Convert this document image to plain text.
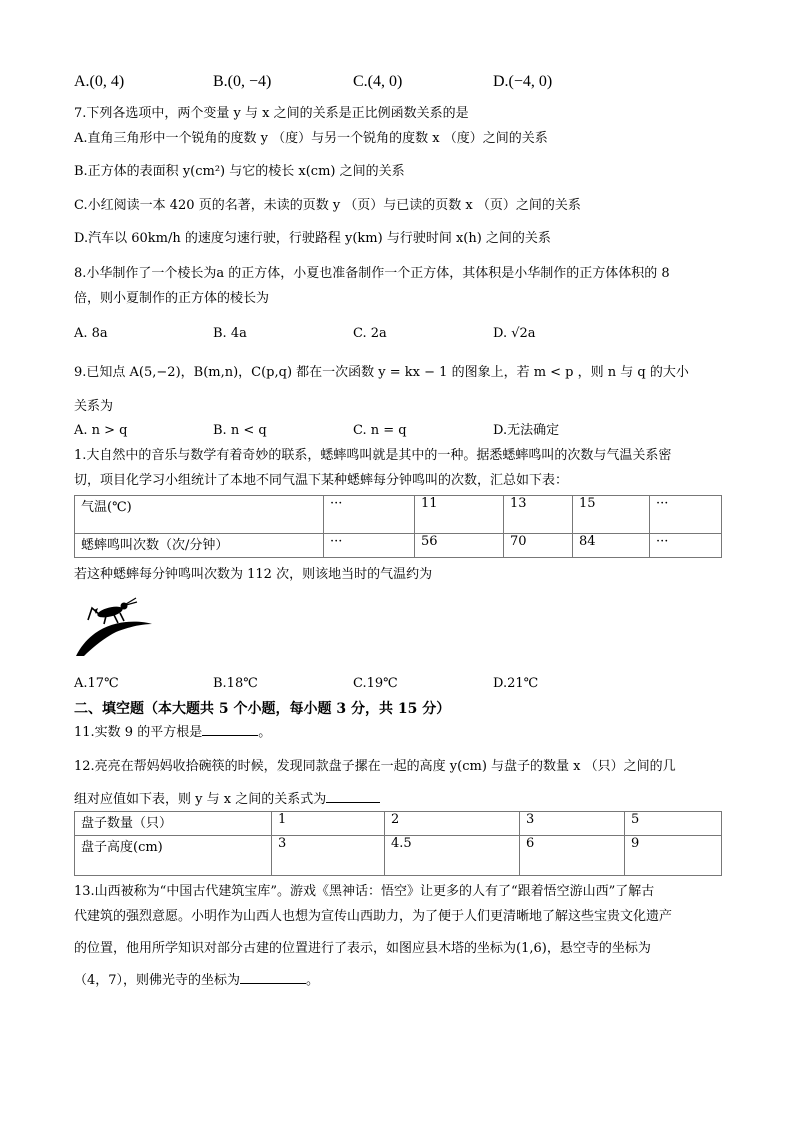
A.(0, 4)	B.(0, −4)	C.(4, 0)	D.(−4, 0)
7.下列各选项中，两个变量 y 与 x 之间的关系是正比例函数关系的是
A.直角三角形中一个锐角的度数 y （度）与另一个锐角的度数 x （度）之间的关系
B.正方体的表面积 y(cm²) 与它的棱长 x(cm) 之间的关系
C.小红阅读一本 420 页的名著，未读的页数 y （页）与已读的页数 x （页）之间的关系
D.汽车以 60km/h 的速度匀速行驶，行驶路程 y(km) 与行驶时间 x(h) 之间的关系
8.小华制作了一个棱长为a 的正方体，小夏也准备制作一个正方体，其体积是小华制作的正方体体积的 8
倍，则小夏制作的正方体的棱长为
A. 8a	B. 4a	C. 2a	D. √2a
9.已知点 A(5,−2)，B(m,n)，C(p,q) 都在一次函数 y = kx − 1 的图象上，若 m < p ，则 n 与 q 的大小
关系为
A. n > q	B. n < q	C. n = q	D.无法确定
1.大自然中的音乐与数学有着奇妙的联系，蟋蟀鸣叫就是其中的一种。据悉蟋蟀鸣叫的次数与气温关系密
切，项目化学习小组统计了本地不同气温下某种蟋蟀每分钟鸣叫的次数，汇总如下表：
气温(℃)	···	11	13	15	···
蟋蟀鸣叫次数（次/分钟）	···	56	70	84	···
若这种蟋蟀每分钟鸣叫次数为 112 次，则该地当时的气温约为
A.17℃	B.18℃	C.19℃	D.21℃
二、填空题（本大题共 5 个小题，每小题 3 分，共 15 分）
11.实数 9 的平方根是	。
12.亮亮在帮妈妈收拾碗筷的时候，发现同款盘子摞在一起的高度 y(cm) 与盘子的数量 x （只）之间的几
组对应值如下表，则 y 与 x 之间的关系式为
盘子数量（只）	1	2	3	5
盘子高度(cm)	3	4.5	6	9
13.山西被称为“中国古代建筑宝库”。游戏《黑神话：悟空》让更多的人有了“跟着悟空游山西”了解古
代建筑的强烈意愿。小明作为山西人也想为宣传山西助力，为了便于人们更清晰地了解这些宝贵文化遗产
的位置，他用所学知识对部分古建的位置进行了表示，如图应县木塔的坐标为(1,6)，悬空寺的坐标为
（4，7），则佛光寺的坐标为	。
